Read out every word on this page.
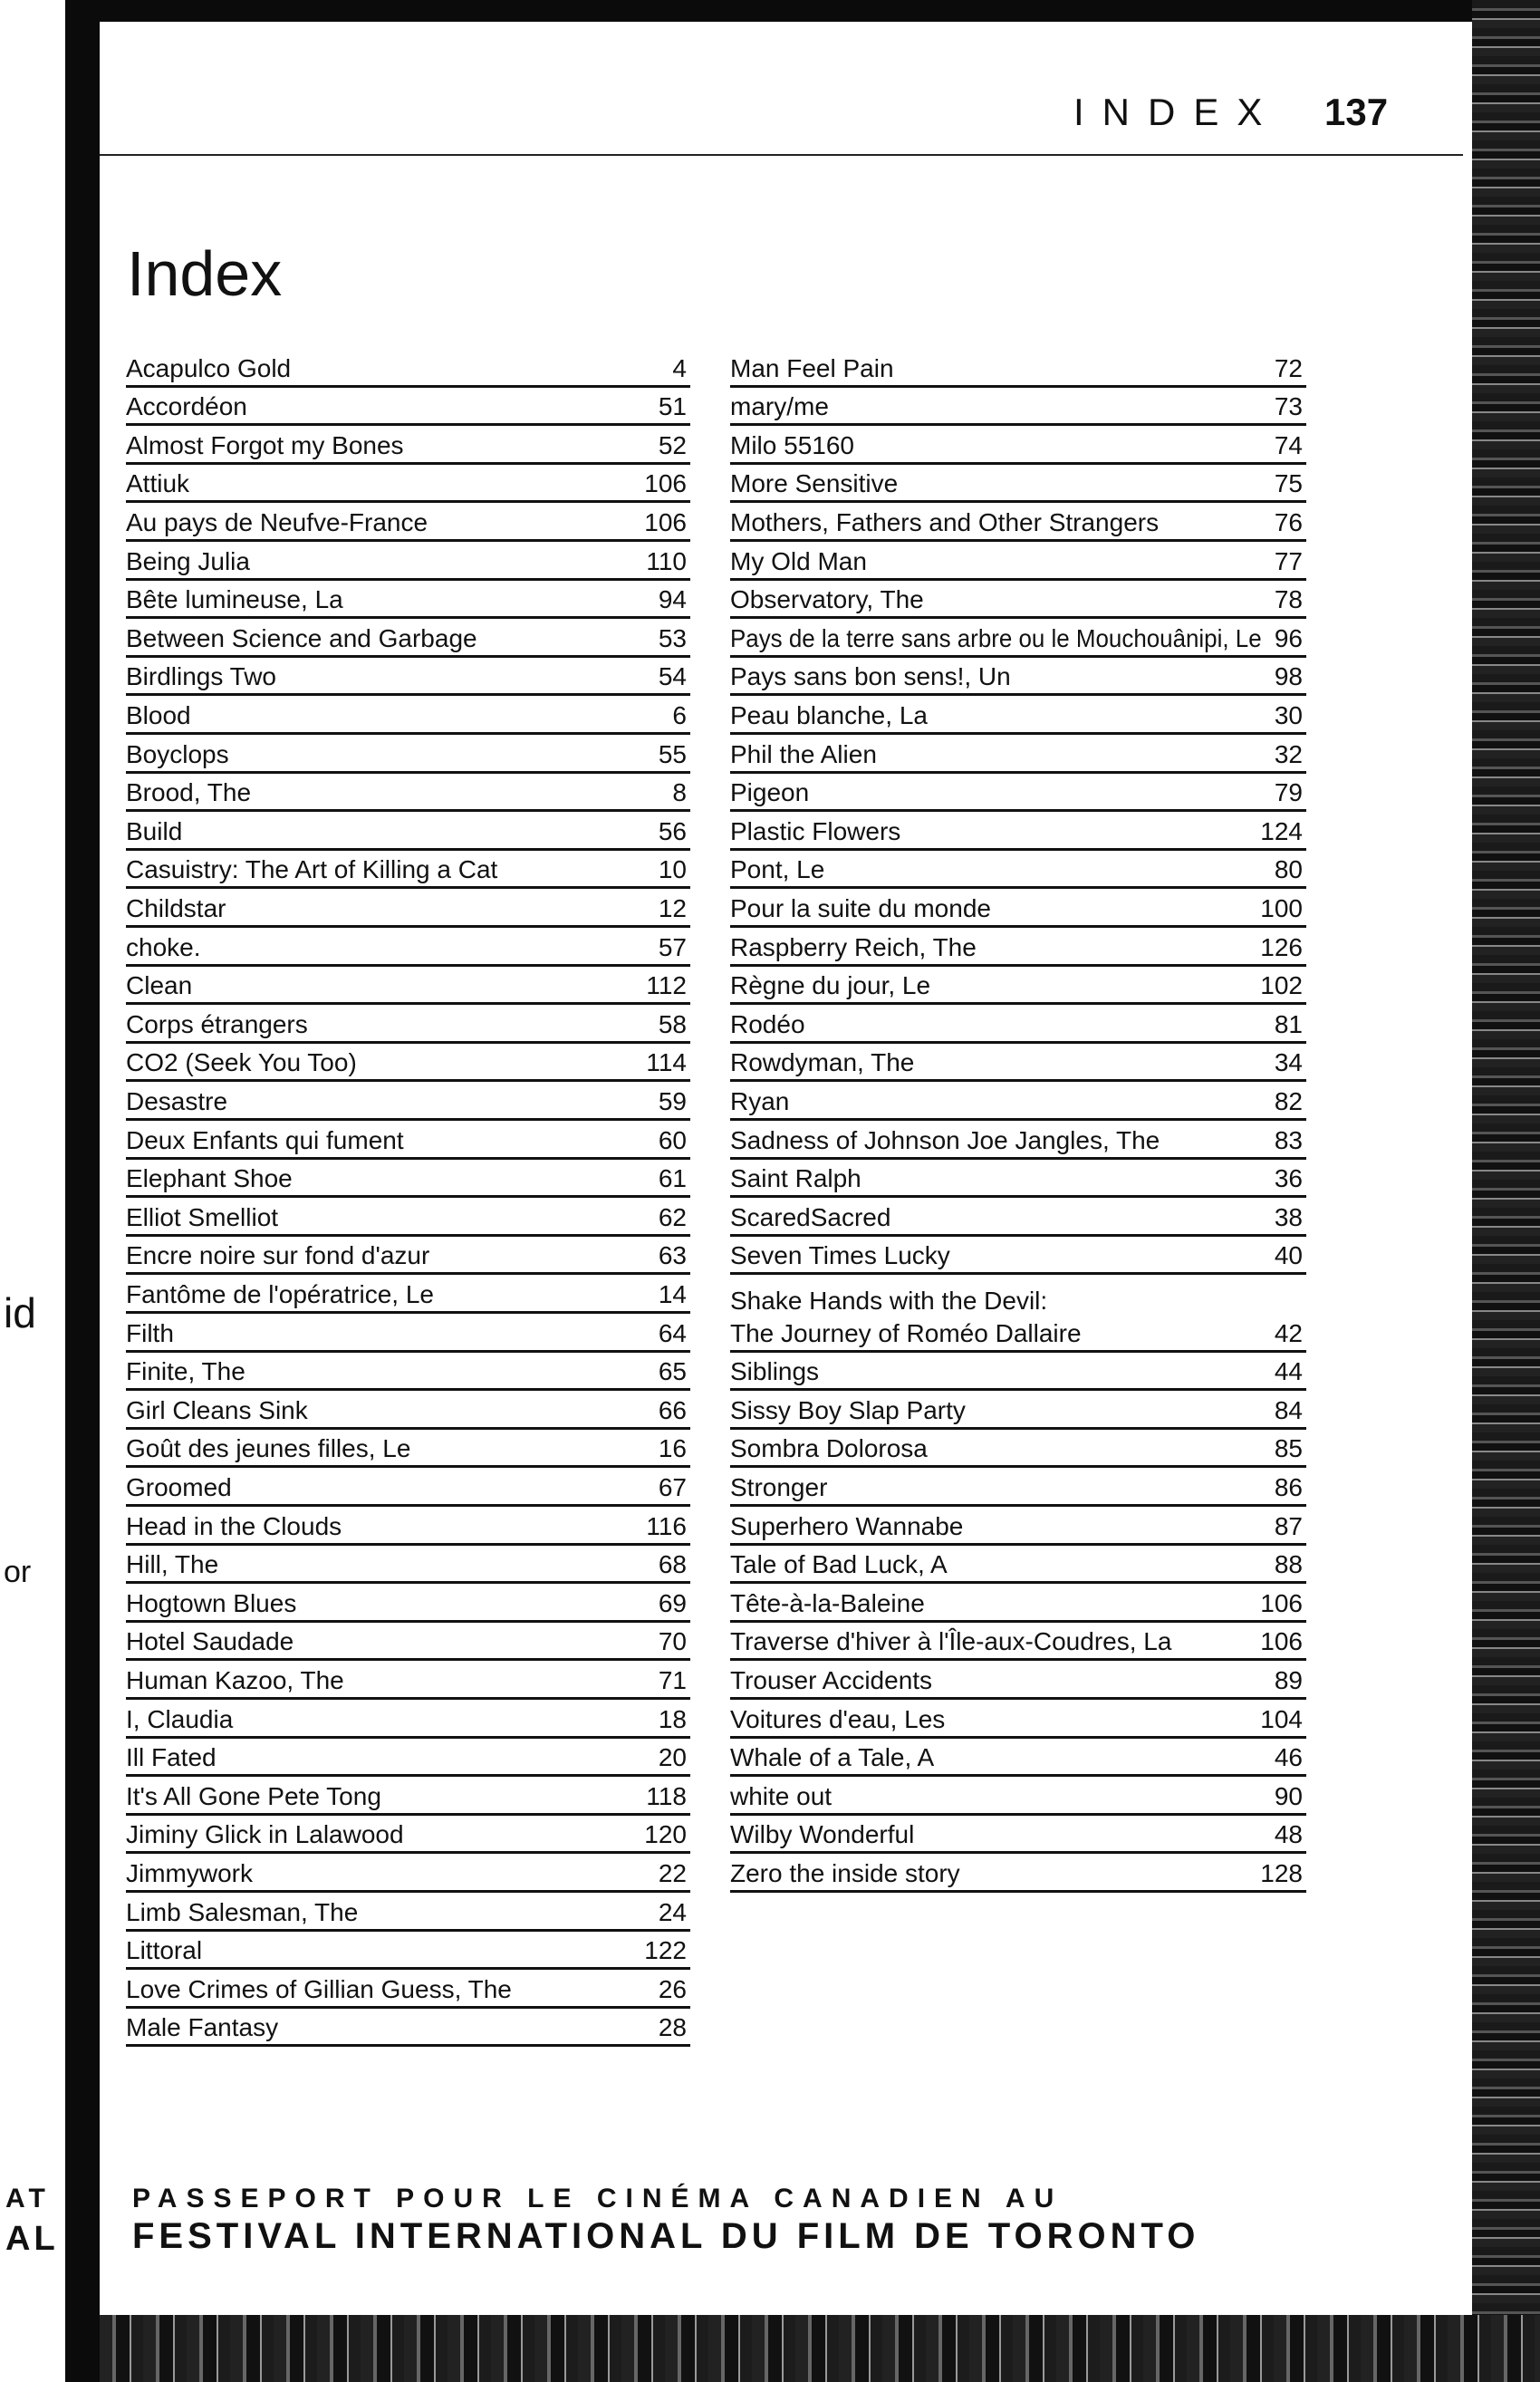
id
or
AT
AL
INDEX 137
Index
Acapulco Gold	4
Accordéon	51
Almost Forgot my Bones	52
Attiuk	106
Au pays de Neufve-France	106
Being Julia	110
Bête lumineuse, La	94
Between Science and Garbage	53
Birdlings Two	54
Blood	6
Boyclops	55
Brood, The	8
Build	56
Casuistry: The Art of Killing a Cat	10
Childstar	12
choke.	57
Clean	112
Corps étrangers	58
CO2 (Seek You Too)	114
Desastre	59
Deux Enfants qui fument	60
Elephant Shoe	61
Elliot Smelliot	62
Encre noire sur fond d'azur	63
Fantôme de l'opératrice, Le	14
Filth	64
Finite, The	65
Girl Cleans Sink	66
Goût des jeunes filles, Le	16
Groomed	67
Head in the Clouds	116
Hill, The	68
Hogtown Blues	69
Hotel Saudade	70
Human Kazoo, The	71
I, Claudia	18
Ill Fated	20
It's All Gone Pete Tong	118
Jiminy Glick in Lalawood	120
Jimmywork	22
Limb Salesman, The	24
Littoral	122
Love Crimes of Gillian Guess, The	26
Male Fantasy	28
Man Feel Pain	72
mary/me	73
Milo 55160	74
More Sensitive	75
Mothers, Fathers and Other Strangers	76
My Old Man	77
Observatory, The	78
Pays de la terre sans arbre ou le Mouchouânipi, Le 96
Pays sans bon sens!, Un	98
Peau blanche, La	30
Phil the Alien	32
Pigeon	79
Plastic Flowers	124
Pont, Le	80
Pour la suite du monde	100
Raspberry Reich, The	126
Règne du jour, Le	102
Rodéo	81
Rowdyman, The	34
Ryan	82
Sadness of Johnson Joe Jangles, The	83
Saint Ralph	36
ScaredSacred	38
Seven Times Lucky	40
Shake Hands with the Devil:
The Journey of Roméo Dallaire	42
Siblings	44
Sissy Boy Slap Party	84
Sombra Dolorosa	85
Stronger	86
Superhero Wannabe	87
Tale of Bad Luck, A	88
Tête-à-la-Baleine	106
Traverse d'hiver à l'Île-aux-Coudres, La	106
Trouser Accidents	89
Voitures d'eau, Les	104
Whale of a Tale, A	46
white out	90
Wilby Wonderful	48
Zero the inside story	128
PASSEPORT POUR LE CINÉMA CANADIEN AU
FESTIVAL INTERNATIONAL DU FILM DE TORONTO
